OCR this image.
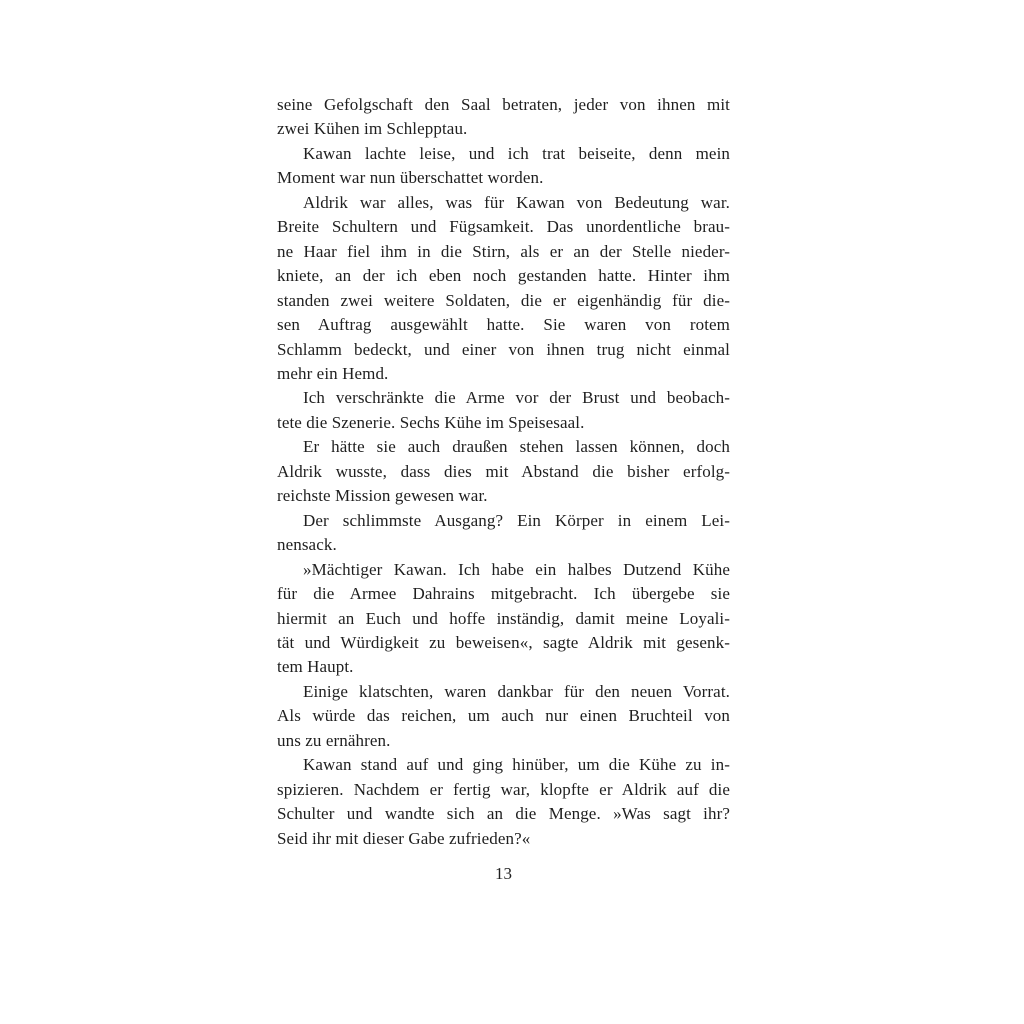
seine Gefolgschaft den Saal betraten, jeder von ihnen mit
zwei Kühen im Schlepptau.
Kawan lachte leise, und ich trat beiseite, denn mein
Moment war nun überschattet worden.
Aldrik war alles, was für Kawan von Bedeutung war.
Breite Schultern und Fügsamkeit. Das unordentliche brau-
ne Haar fiel ihm in die Stirn, als er an der Stelle nieder-
kniete, an der ich eben noch gestanden hatte. Hinter ihm
standen zwei weitere Soldaten, die er eigenhändig für die-
sen Auftrag ausgewählt hatte. Sie waren von rotem
Schlamm bedeckt, und einer von ihnen trug nicht einmal
mehr ein Hemd.
Ich verschränkte die Arme vor der Brust und beobach-
tete die Szenerie. Sechs Kühe im Speisesaal.
Er hätte sie auch draußen stehen lassen können, doch
Aldrik wusste, dass dies mit Abstand die bisher erfolg-
reichste Mission gewesen war.
Der schlimmste Ausgang? Ein Körper in einem Lei-
nensack.
»Mächtiger Kawan. Ich habe ein halbes Dutzend Kühe
für die Armee Dahrains mitgebracht. Ich übergebe sie
hiermit an Euch und hoffe inständig, damit meine Loyali-
tät und Würdigkeit zu beweisen«, sagte Aldrik mit gesenk-
tem Haupt.
Einige klatschten, waren dankbar für den neuen Vorrat.
Als würde das reichen, um auch nur einen Bruchteil von
uns zu ernähren.
Kawan stand auf und ging hinüber, um die Kühe zu in-
spizieren. Nachdem er fertig war, klopfte er Aldrik auf die
Schulter und wandte sich an die Menge. »Was sagt ihr?
Seid ihr mit dieser Gabe zufrieden?«
13
